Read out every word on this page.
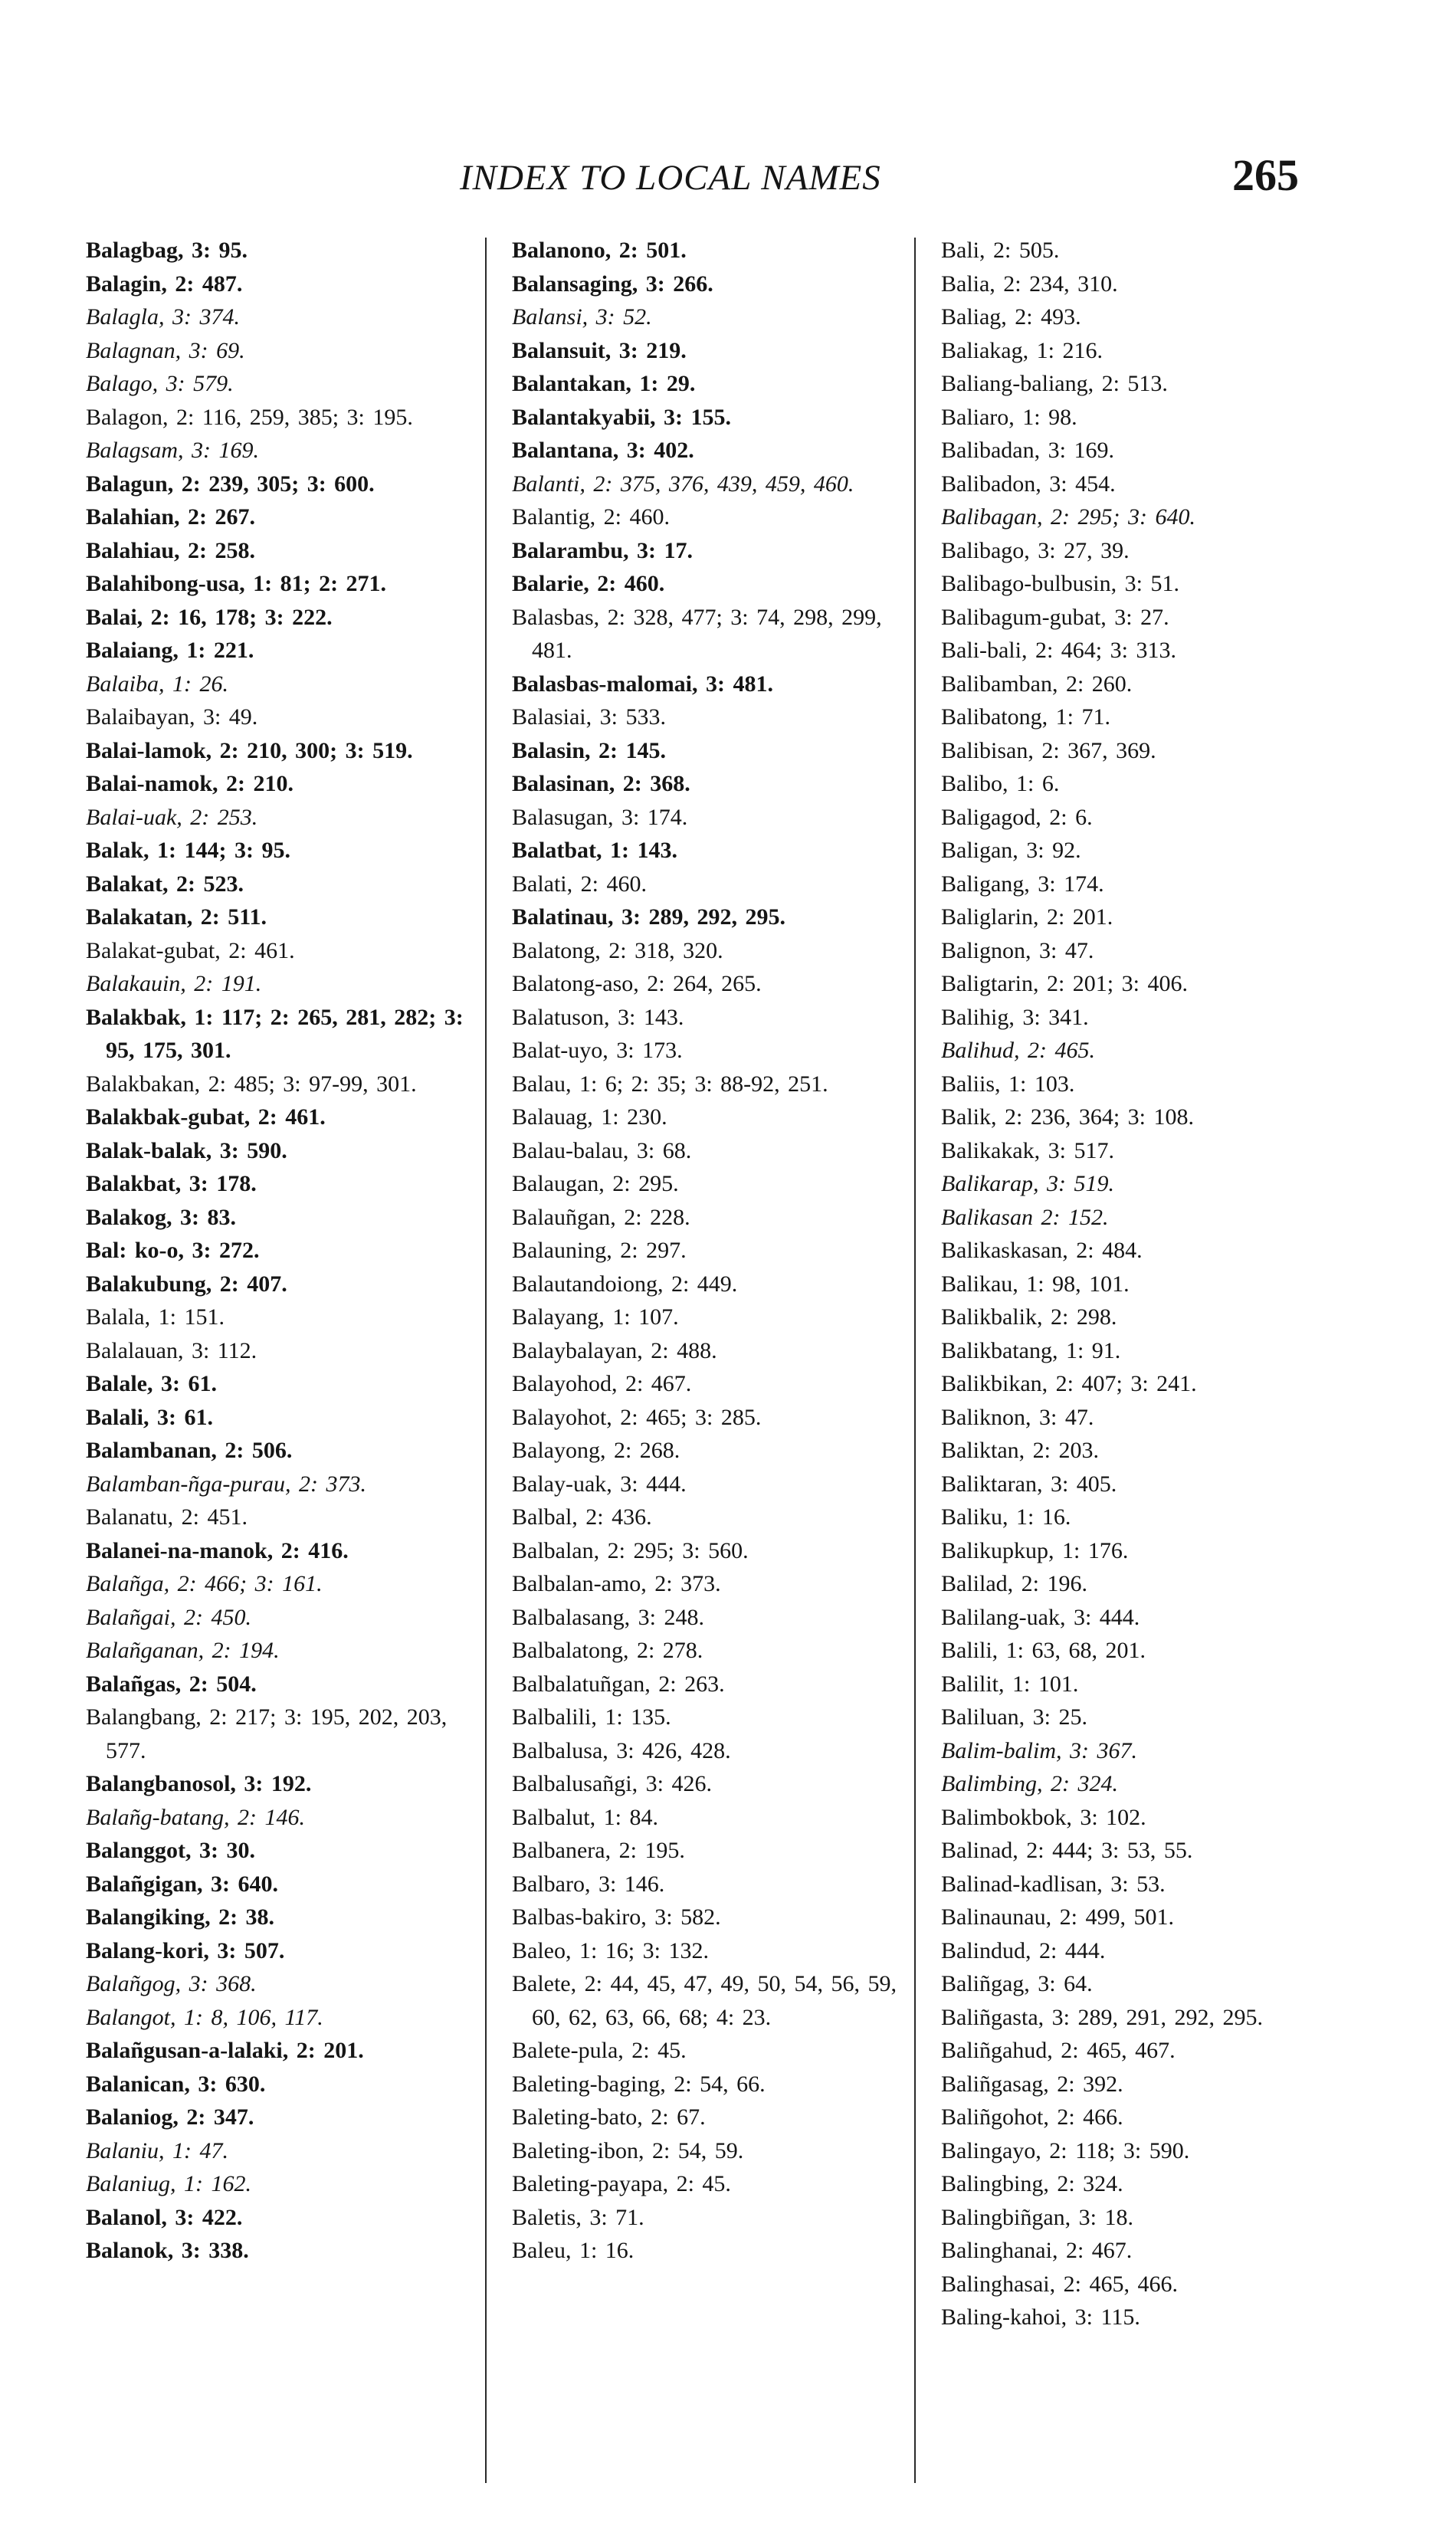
INDEX TO LOCAL NAMES	265

Balagbag, 3: 95.

Balagin, 2: 487.

Balagla, 3: 374.

Balagnan, 3: 69.

Balago, 3: 579.

Balagon, 2: 116, 259, 385; 3: 195.

Balagsam, 3: 169.

Balagun, 2: 239, 305; 3: 600.

Balahian, 2: 267.

Balahiau, 2: 258.

Balahibong-usa, 1: 81; 2: 271.

Balai, 2: 16, 178; 3: 222.

Balaiang, 1: 221.

Balaiba, 1: 26.

Balaibayan, 3: 49.

Balai-lamok, 2: 210, 300; 3: 519.

Balai-namok, 2: 210.

Balai-uak, 2: 253.

Balak, 1: 144; 3: 95.

Balakat, 2: 523.

Balakatan, 2: 511.

Balakat-gubat, 2: 461.

Balakauin, 2: 191.

Balakbak, 1: 117; 2: 265, 281, 282; 3: 95, 175, 301.

Balakbakan, 2: 485; 3: 97-99, 301.

Balakbak-gubat, 2: 461.

Balak-balak, 3: 590.

Balakbat, 3: 178.

Balakog, 3: 83.

Bal: ko-o, 3: 272.

Balakubung, 2: 407.

Balala, 1: 151.

Balalauan, 3: 112.

Balale, 3: 61.

Balali, 3: 61.

Balambanan, 2: 506.

Balamban-ñga-purau, 2: 373.

Balanatu, 2: 451.

Balanei-na-manok, 2: 416.

Balañga, 2: 466; 3: 161.

Balañgai, 2: 450.

Balañganan, 2: 194.

Balañgas, 2: 504.

Balangbang, 2: 217; 3: 195, 202, 203, 577.

Balangbanosol, 3: 192.

Balañg-batang, 2: 146.

Balanggot, 3: 30.

Balañgigan, 3: 640.

Balangiking, 2: 38.

Balang-kori, 3: 507.

Balañgog, 3: 368.

Balangot, 1: 8, 106, 117.

Balañgusan-a-lalaki, 2: 201.

Balanican, 3: 630.

Balaniog, 2: 347.

Balaniu, 1: 47.

Balaniug, 1: 162.

Balanol, 3: 422.

Balanok, 3: 338.

Balanono, 2: 501.

Balansaging, 3: 266.

Balansi, 3: 52.

Balansuit, 3: 219.

Balantakan, 1: 29.

Balantakyabii, 3: 155.

Balantana, 3: 402.

Balanti, 2: 375, 376, 439, 459, 460.

Balantig, 2: 460.

Balarambu, 3: 17.

Balarie, 2: 460.

Balasbas, 2: 328, 477; 3: 74, 298, 299, 481.

Balasbas-malomai, 3: 481.

Balasiai, 3: 533.

Balasin, 2: 145.

Balasinan, 2: 368.

Balasugan, 3: 174.

Balatbat, 1: 143.

Balati, 2: 460.

Balatinau, 3: 289, 292, 295.

Balatong, 2: 318, 320.

Balatong-aso, 2: 264, 265.

Balatuson, 3: 143.

Balat-uyo, 3: 173.

Balau, 1: 6; 2: 35; 3: 88-92, 251.

Balauag, 1: 230.

Balau-balau, 3: 68.

Balaugan, 2: 295.

Balauñgan, 2: 228.

Balauning, 2: 297.

Balautandoiong, 2: 449.

Balayang, 1: 107.

Balaybalayan, 2: 488.

Balayohod, 2: 467.

Balayohot, 2: 465; 3: 285.

Balayong, 2: 268.

Balay-uak, 3: 444.

Balbal, 2: 436.

Balbalan, 2: 295; 3: 560.

Balbalan-amo, 2: 373.

Balbalasang, 3: 248.

Balbalatong, 2: 278.

Balbalatuñgan, 2: 263.

Balbalili, 1: 135.

Balbalusa, 3: 426, 428.

Balbalusañgi, 3: 426.

Balbalut, 1: 84.

Balbanera, 2: 195.

Balbaro, 3: 146.

Balbas-bakiro, 3: 582.

Baleo, 1: 16; 3: 132.

Balete, 2: 44, 45, 47, 49, 50, 54, 56, 59, 60, 62, 63, 66, 68; 4: 23.

Balete-pula, 2: 45.

Baleting-baging, 2: 54, 66.

Baleting-bato, 2: 67.

Baleting-ibon, 2: 54, 59.

Baleting-payapa, 2: 45.

Baletis, 3: 71.

Baleu, 1: 16.

Bali, 2: 505.

Balia, 2: 234, 310.

Baliag, 2: 493.

Baliakag, 1: 216.

Baliang-baliang, 2: 513.

Baliaro, 1: 98.

Balibadan, 3: 169.

Balibadon, 3: 454.

Balibagan, 2: 295; 3: 640.

Balibago, 3: 27, 39.

Balibago-bulbusin, 3: 51.

Balibagum-gubat, 3: 27.

Bali-bali, 2: 464; 3: 313.

Balibamban, 2: 260.

Balibatong, 1: 71.

Balibisan, 2: 367, 369.

Balibo, 1: 6.

Baligagod, 2: 6.

Baligan, 3: 92.

Baligang, 3: 174.

Baliglarin, 2: 201.

Balignon, 3: 47.

Baligtarin, 2: 201; 3: 406.

Balihig, 3: 341.

Balihud, 2: 465.

Baliis, 1: 103.

Balik, 2: 236, 364; 3: 108.

Balikakak, 3: 517.

Balikarap, 3: 519.

Balikasan 2: 152.

Balikaskasan, 2: 484.

Balikau, 1: 98, 101.

Balikbalik, 2: 298.

Balikbatang, 1: 91.

Balikbikan, 2: 407; 3: 241.

Baliknon, 3: 47.

Baliktan, 2: 203.

Baliktaran, 3: 405.

Baliku, 1: 16.

Balikupkup, 1: 176.

Balilad, 2: 196.

Balilang-uak, 3: 444.

Balili, 1: 63, 68, 201.

Balilit, 1: 101.

Baliluan, 3: 25.

Balim-balim, 3: 367.

Balimbing, 2: 324.

Balimbokbok, 3: 102.

Balinad, 2: 444; 3: 53, 55.

Balinad-kadlisan, 3: 53.

Balinaunau, 2: 499, 501.

Balindud, 2: 444.

Baliñgag, 3: 64.

Baliñgasta, 3: 289, 291, 292, 295.

Baliñgahud, 2: 465, 467.

Baliñgasag, 2: 392.

Baliñgohot, 2: 466.

Balingayo, 2: 118; 3: 590.

Balingbing, 2: 324.

Balingbiñgan, 3: 18.

Balinghanai, 2: 467.

Balinghasai, 2: 465, 466.

Baling-kahoi, 3: 115.
